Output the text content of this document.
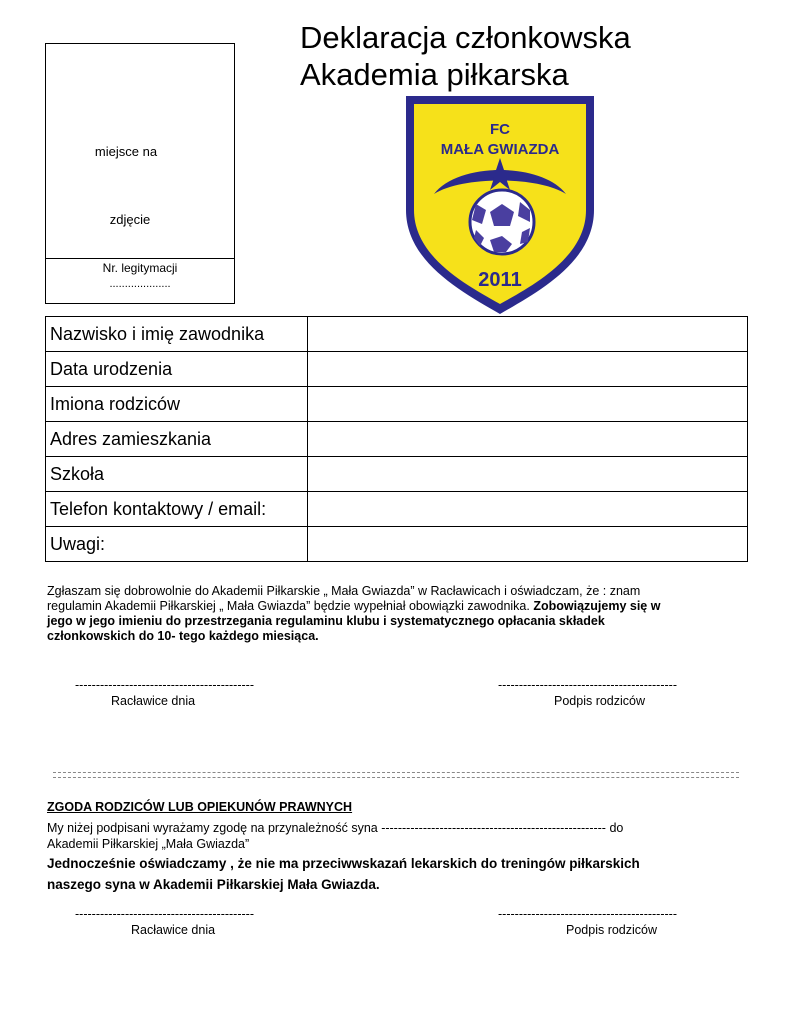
miejsce na
zdjęcie
Nr. legitymacji
....................
Deklaracja członkowska
Akademia piłkarska
FC
MAŁA GWIAZDA
2011
Nazwisko i imię zawodnika	
Data urodzenia	
Imiona rodziców	
Adres zamieszkania	
Szkoła	
Telefon kontaktowy / email:	
Uwagi:	
Zgłaszam się dobrowolnie do Akademii Piłkarskie „ Mała Gwiazda” w Racławicach i oświadczam, że : znam
regulamin Akademii Piłkarskiej „ Mała Gwiazda” będzie wypełniał obowiązki zawodnika. Zobowiązujemy się w
jego w jego imieniu do przestrzegania regulaminu klubu i systematycznego opłacania składek
członkowskich do 10- tego każdego miesiąca.
-------------------------------------------
Racławice dnia
-------------------------------------------
Podpis rodziców
ZGODA RODZICÓW LUB OPIEKUNÓW PRAWNYCH
My niżej podpisani wyrażamy zgodę na przynależność syna ------------------------------------------------------ do
Akademii Piłkarskiej „Mała Gwiazda”
Jednocześnie oświadczamy , że nie ma przeciwwskazań lekarskich do treningów piłkarskich
naszego syna w Akademii Piłkarskiej Mała Gwiazda.
-------------------------------------------
Racławice dnia
-------------------------------------------
Podpis rodziców
